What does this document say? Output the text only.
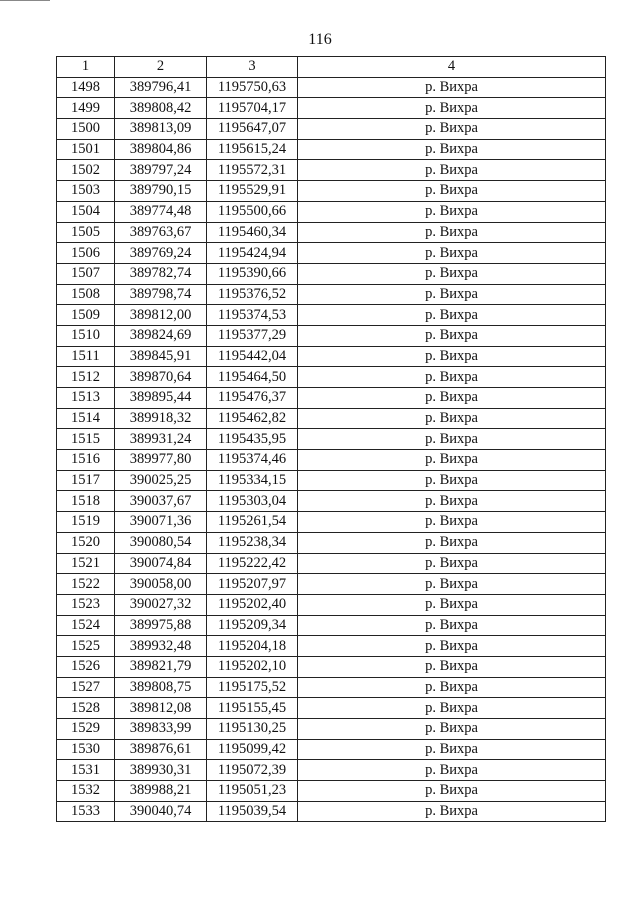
116
1	2	3	4
1498	389796,41	1195750,63	р. Вихра
1499	389808,42	1195704,17	р. Вихра
1500	389813,09	1195647,07	р. Вихра
1501	389804,86	1195615,24	р. Вихра
1502	389797,24	1195572,31	р. Вихра
1503	389790,15	1195529,91	р. Вихра
1504	389774,48	1195500,66	р. Вихра
1505	389763,67	1195460,34	р. Вихра
1506	389769,24	1195424,94	р. Вихра
1507	389782,74	1195390,66	р. Вихра
1508	389798,74	1195376,52	р. Вихра
1509	389812,00	1195374,53	р. Вихра
1510	389824,69	1195377,29	р. Вихра
1511	389845,91	1195442,04	р. Вихра
1512	389870,64	1195464,50	р. Вихра
1513	389895,44	1195476,37	р. Вихра
1514	389918,32	1195462,82	р. Вихра
1515	389931,24	1195435,95	р. Вихра
1516	389977,80	1195374,46	р. Вихра
1517	390025,25	1195334,15	р. Вихра
1518	390037,67	1195303,04	р. Вихра
1519	390071,36	1195261,54	р. Вихра
1520	390080,54	1195238,34	р. Вихра
1521	390074,84	1195222,42	р. Вихра
1522	390058,00	1195207,97	р. Вихра
1523	390027,32	1195202,40	р. Вихра
1524	389975,88	1195209,34	р. Вихра
1525	389932,48	1195204,18	р. Вихра
1526	389821,79	1195202,10	р. Вихра
1527	389808,75	1195175,52	р. Вихра
1528	389812,08	1195155,45	р. Вихра
1529	389833,99	1195130,25	р. Вихра
1530	389876,61	1195099,42	р. Вихра
1531	389930,31	1195072,39	р. Вихра
1532	389988,21	1195051,23	р. Вихра
1533	390040,74	1195039,54	р. Вихра
